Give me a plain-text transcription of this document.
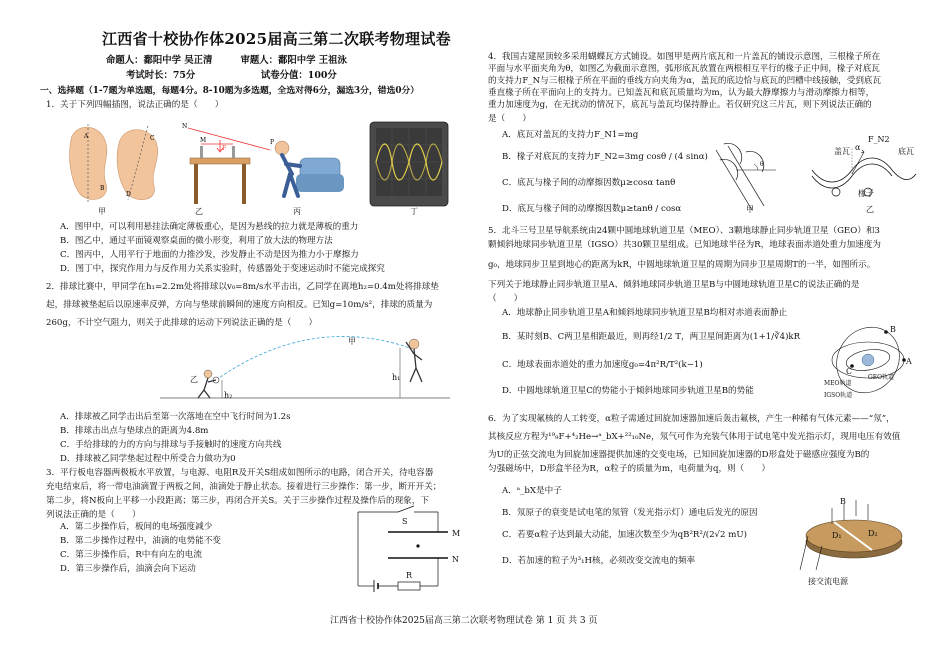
江西省十校协作体2025届高三第二次联考物理试卷
命题人：鄱阳中学 吴正清　　　审题人：鄱阳中学 王祖泳
考试时长：75分　　　　　　　试卷分值：100分
一、选择题（1-7题为单选题，每题4分。8-10题为多选题，全选对得6分，漏选3分，错选0分）
1．关于下列四幅插图，说法正确的是（　　）
A
B
C
D
F
N
M	P
甲	乙	丙	丁
A．图甲中，可以利用悬挂法确定薄板重心，是因为悬线的拉力就是薄板的重力
B．图乙中，通过平面镜观察桌面的微小形变，利用了放大法的物理方法
C．图丙中，人用平行于地面的力推沙发，沙发静止不动是因为推力小于摩擦力
D．图丁中，探究作用力与反作用力关系实验时，传感器处于变速运动时不能完成探究
2．排球比赛中，甲同学在h₁=2.2m处将排球以v₀=8m/s水平击出，乙同学在离地h₂=0.4m处将排球垫
起，排球被垫起后以原速率反弹，方向与垫球前瞬间的速度方向相反。已知g=10m/s²，排球的质量为
260g，不计空气阻力，则关于此排球的运动下列说法正确的是（　　）
甲
乙	h₁
h₂
A．排球被乙同学击出后至第一次落地在空中飞行时间为1.2s
B．排球击出点与垫球点的距离为4.8m
C．手给排球的力的方向与排球与手接触时的速度方向共线
D．排球被乙同学垫起过程中所受合力做功为0
3．平行板电容器两极板水平放置，与电源、电阻R及开关S组成如图所示的电路，闭合开关，待电容器
充电结束后，将一带电油滴置于两板之间，油滴处于静止状态。接着进行三步操作：第一步，断开开关；
第二步，将N板向上平移一小段距离；第三步，再闭合开关S。关于三步操作过程及操作后的现象，下
列说法正确的是（　　）
S
M
N
R
A．第二步操作后，板间的电场强度减少
B．第二步操作过程中，油滴的电势能不变
C．第三步操作后，R中有向左的电流
D．第三步操作后，油滴会向下运动
4．我国古建屋顶较多采用蝴蝶瓦方式铺设。如图甲是两片底瓦和一片盖瓦的铺设示意图，三根椽子所在
平面与水平面夹角为θ，如图乙为截面示意图，弧形底瓦放置在两根相互平行的椽子正中间，椽子对底瓦
的支持力F_N与三根椽子所在平面的垂线方向夹角为α，盖瓦的底边恰与底瓦的凹槽中线接触，受到底瓦
垂直椽子所在平面向上的支持力。已知盖瓦和底瓦质量均为m，认为最大静摩擦力与滑动摩擦力相等，
重力加速度为g，在无扰动的情况下，底瓦与盖瓦均保持静止。若仅研究这三片瓦，则下列说法正确的
是（　　）
A．底瓦对盖瓦的支持力F_N1=mg
B．椽子对底瓦的支持力F_N2=3mg cosθ / (4 sinα)
C．底瓦与椽子间的动摩擦因数μ≥cosα tanθ
D．底瓦与椽子间的动摩擦因数μ≥tanθ / cosα
θ
盖瓦	底瓦
椽子
甲	乙
F_N2
α
5．北斗三号卫星导航系统由24颗中圆地球轨道卫星（MEO）、3颗地球静止同步轨道卫星（GEO）和3
颗倾斜地球同步轨道卫星（IGSO）共30颗卫星组成。已知地球半径为R，地球表面赤道处重力加速度为
g₀，地球同步卫星到地心的距离为kR，中圆地球轨道卫星的周期为同步卫星周期T的一半，如图所示。
下列关于地球静止同步轨道卫星A、倾斜地球同步轨道卫星B与中圆地球轨道卫星C的说法正确的是
（　　）
A．地球静止同步轨道卫星A和倾斜地球同步轨道卫星B均相对赤道表面静止
B．某时刻B、C两卫星相距最近，则再经1/2 T，两卫星间距离为(1+1/∛4)kR
C．地球表面赤道处的重力加速度g₀=4π²R/T²(k−1)
D．中圆地球轨道卫星C的势能小于倾斜地球同步轨道卫星B的势能
A
B
C
GEO轨道
MEO轨道
IGSO轨道
6．为了实现氟核的人工转变，α粒子需通过回旋加速器加速后轰击氟核，产生一种稀有气体元素——“氖”，
其核反应方程为¹⁹₉F+⁴₂He→ᵃ_bX+²²₁₀Ne，氖气可作为充装气体用于试电笔中发光指示灯，现用电压有效值
为U的正弦交流电为回旋加速器提供加速的交变电场，已知回旋加速器的D形盒处于磁感应强度为B的
匀强磁场中，D形盒半径为R，α粒子的质量为m，电荷量为q，则（　　）
A．ᵃ_bX是中子
B．氖原子的衰变是试电笔的氖管（发光指示灯）通电后发光的原因
C．若要α粒子达到最大动能，加速次数至少为qB²R²/(2√2 mU)
D．若加速的粒子为³₁H核，必须改变交流电的频率
B
D₁	D₂
接交流电源
江西省十校协作体2025届高三第二次联考物理试卷 第 1 页 共 3 页
